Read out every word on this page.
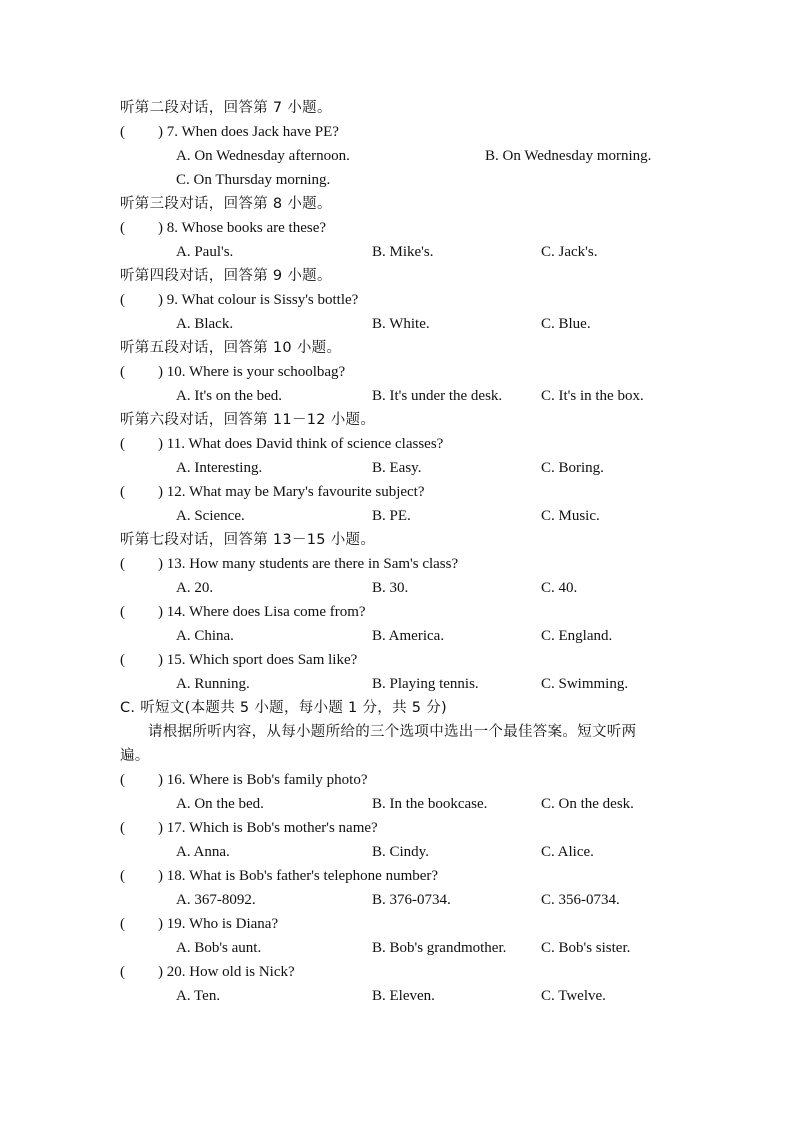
听第二段对话，回答第 7 小题。
( ) 7. When does Jack have PE?
A. On Wednesday afternoon.	B. On Wednesday morning.
C. On Thursday morning.
听第三段对话，回答第 8 小题。
( ) 8. Whose books are these?
A. Paul's.	B. Mike's.	C. Jack's.
听第四段对话，回答第 9 小题。
( ) 9. What colour is Sissy's bottle?
A. Black.	B. White.	C. Blue.
听第五段对话，回答第 10 小题。
( ) 10. Where is your schoolbag?
A. It's on the bed.	B. It's under the desk.	C. It's in the box.
听第六段对话，回答第 11－12 小题。
( ) 11. What does David think of science classes?
A. Interesting.	B. Easy.	C. Boring.
( ) 12. What may be Mary's favourite subject?
A. Science.	B. PE.	C. Music.
听第七段对话，回答第 13－15 小题。
( ) 13. How many students are there in Sam's class?
A. 20.	B. 30.	C. 40.
( ) 14. Where does Lisa come from?
A. China.	B. America.	C. England.
( ) 15. Which sport does Sam like?
A. Running.	B. Playing tennis.	C. Swimming.
C. 听短文(本题共 5 小题，每小题 1 分，共 5 分)
请根据所听内容，从每小题所给的三个选项中选出一个最佳答案。短文听两
遍。
( ) 16. Where is Bob's family photo?
A. On the bed.	B. In the bookcase.	C. On the desk.
( ) 17. Which is Bob's mother's name?
A. Anna.	B. Cindy.	C. Alice.
( ) 18. What is Bob's father's telephone number?
A. 367-8092.	B. 376-0734.	C. 356-0734.
( ) 19. Who is Diana?
A. Bob's aunt.	B. Bob's grandmother. C. Bob's sister.
( ) 20. How old is Nick?
A. Ten.	B. Eleven.	C. Twelve.
